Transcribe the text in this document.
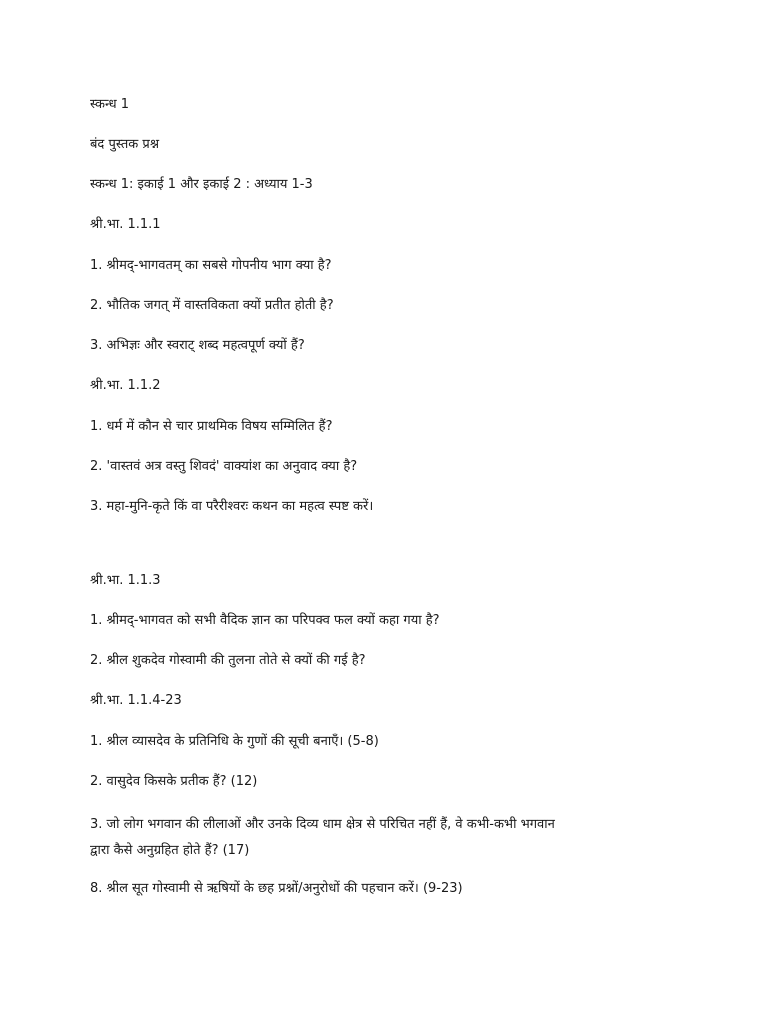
स्कन्ध 1
बंद पुस्तक प्रश्न
स्कन्ध 1: इकाई 1 और इकाई 2 : अध्याय 1-3
श्री.भा. 1.1.1
1. श्रीमद्-भागवतम् का सबसे गोपनीय भाग क्या है?
2. भौतिक जगत् में वास्तविकता क्यों प्रतीत होती है?
3. अभिज्ञः और स्वराट् शब्द महत्वपूर्ण क्यों हैं?
श्री.भा. 1.1.2
1. धर्म में कौन से चार प्राथमिक विषय सम्मिलित हैं?
2. 'वास्तवं अत्र वस्तु शिवदं' वाक्यांश का अनुवाद क्या है?
3. महा-मुनि-कृते किं वा परैरीश्वरः कथन का महत्व स्पष्ट करें।
श्री.भा. 1.1.3
1. श्रीमद्-भागवत को सभी वैदिक ज्ञान का परिपक्व फल क्यों कहा गया है?
2. श्रील शुकदेव गोस्वामी की तुलना तोते से क्यों की गई है?
श्री.भा. 1.1.4-23
1. श्रील व्यासदेव के प्रतिनिधि के गुणों की सूची बनाएँ। (5-8)
2. वासुदेव किसके प्रतीक हैं? (12)
3. जो लोग भगवान की लीलाओं और उनके दिव्य धाम क्षेत्र से परिचित नहीं हैं, वे कभी-कभी भगवान
द्वारा कैसे अनुग्रहित होते हैं? (17)
8. श्रील सूत गोस्वामी से ऋषियों के छह प्रश्नों/अनुरोधों की पहचान करें। (9-23)
